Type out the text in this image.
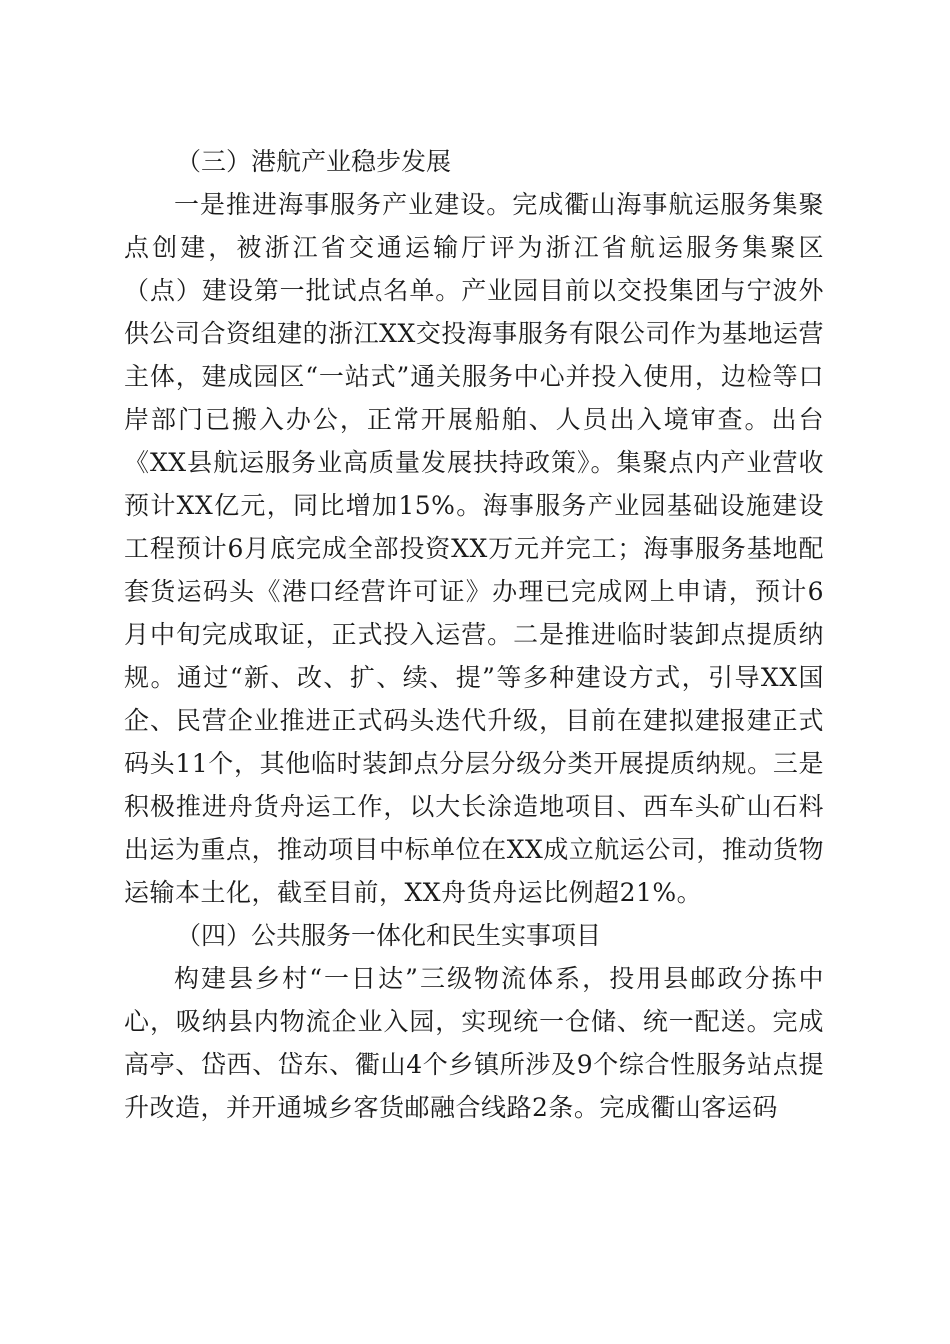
（三）港航产业稳步发展

一是推进海事服务产业建设。完成衢山海事航运服务集聚点创建，被浙江省交通运输厅评为浙江省航运服务集聚区（点）建设第一批试点名单。产业园目前以交投集团与宁波外供公司合资组建的浙江XX交投海事服务有限公司作为基地运营主体，建成园区“一站式”通关服务中心并投入使用，边检等口岸部门已搬入办公，正常开展船舶、人员出入境审查。出台《XX县航运服务业高质量发展扶持政策》。集聚点内产业营收预计XX亿元，同比增加15%。海事服务产业园基础设施建设工程预计6月底完成全部投资XX万元并完工；海事服务基地配套货运码头《港口经营许可证》办理已完成网上申请，预计6月中旬完成取证，正式投入运营。二是推进临时装卸点提质纳规。通过“新、改、扩、续、提”等多种建设方式，引导XX国企、民营企业推进正式码头迭代升级，目前在建拟建报建正式码头11个，其他临时装卸点分层分级分类开展提质纳规。三是积极推进舟货舟运工作，以大长涂造地项目、西车头矿山石料出运为重点，推动项目中标单位在XX成立航运公司，推动货物运输本土化，截至目前，XX舟货舟运比例超21%。

（四）公共服务一体化和民生实事项目

构建县乡村“一日达”三级物流体系，投用县邮政分拣中心，吸纳县内物流企业入园，实现统一仓储、统一配送。完成高亭、岱西、岱东、衢山4个乡镇所涉及9个综合性服务站点提升改造，并开通城乡客货邮融合线路2条。完成衢山客运码
